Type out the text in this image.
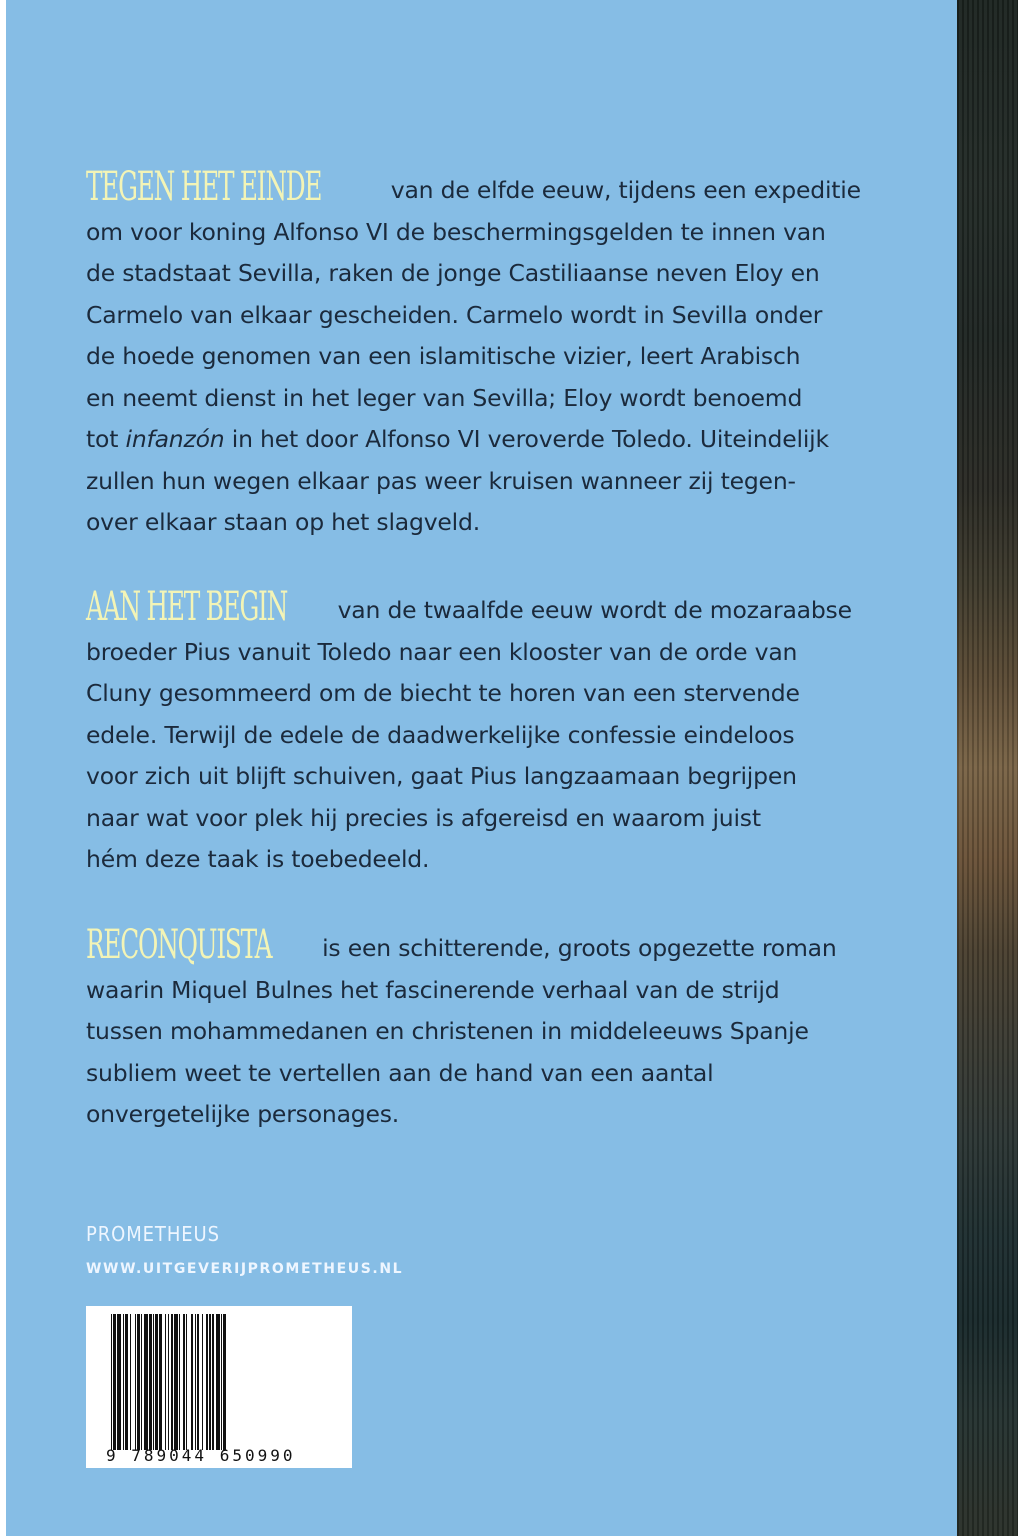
TEGEN HET EINDE	van de elfde eeuw, tijdens een expeditie
om voor koning Alfonso VI de beschermingsgelden te innen van
de stadstaat Sevilla, raken de jonge Castiliaanse neven Eloy en
Carmelo van elkaar gescheiden. Carmelo wordt in Sevilla onder
de hoede genomen van een islamitische vizier, leert Arabisch
en neemt dienst in het leger van Sevilla; Eloy wordt benoemd
tot infanzón in het door Alfonso VI veroverde Toledo. Uiteindelijk
zullen hun wegen elkaar pas weer kruisen wanneer zij tegen-
over elkaar staan op het slagveld.
AAN HET BEGIN van de twaalfde eeuw wordt de mozaraabse
broeder Pius vanuit Toledo naar een klooster van de orde van
Cluny gesommeerd om de biecht te horen van een stervende
edele. Terwijl de edele de daadwerkelijke confessie eindeloos
voor zich uit blijft schuiven, gaat Pius langzaamaan begrijpen
naar wat voor plek hij precies is afgereisd en waarom juist
hém deze taak is toebedeeld.
RECONQUISTA is een schitterende, groots opgezette roman
waarin Miquel Bulnes het fascinerende verhaal van de strijd
tussen mohammedanen en christenen in middeleeuws Spanje
subliem weet te vertellen aan de hand van een aantal
onvergetelijke personages.
PROMETHEUS
WWW.UITGEVERIJPROMETHEUS.NL
9 789044 650990
